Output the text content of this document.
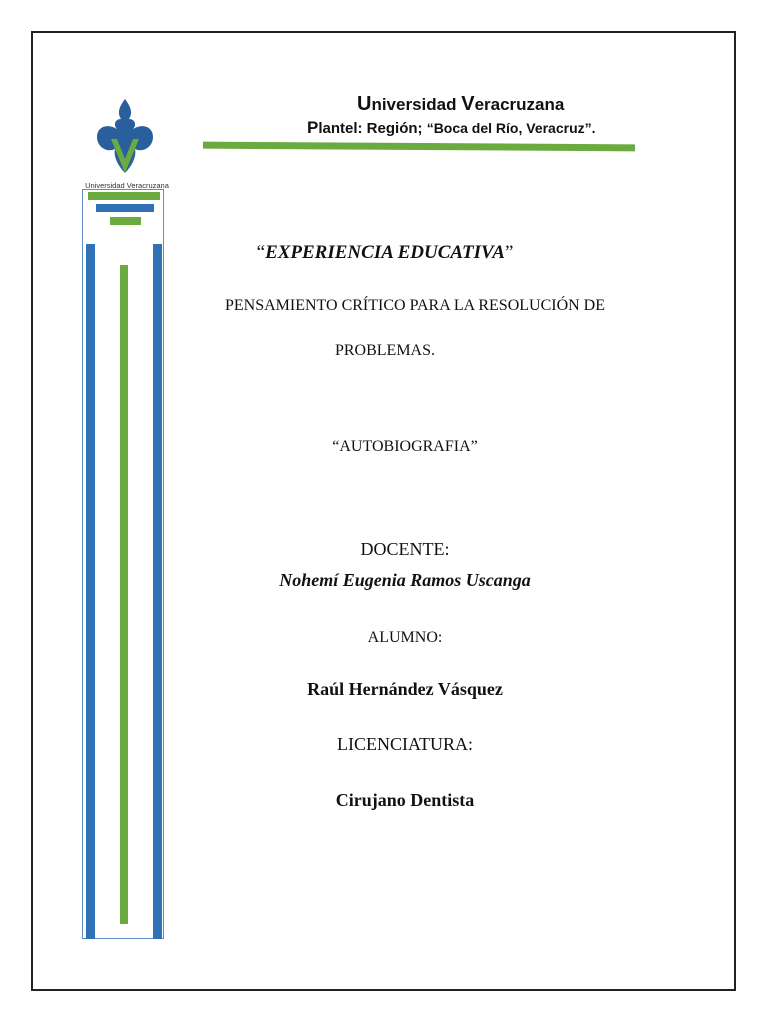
Universidad Veracruzana
Universidad Veracruzana
Plantel: Región; “Boca del Río, Veracruz”.
“EXPERIENCIA EDUCATIVA”
PENSAMIENTO CRÍTICO PARA LA RESOLUCIÓN DE
PROBLEMAS.
“AUTOBIOGRAFIA”
DOCENTE:
Nohemí Eugenia Ramos Uscanga
ALUMNO:
Raúl Hernández Vásquez
LICENCIATURA:
Cirujano Dentista
